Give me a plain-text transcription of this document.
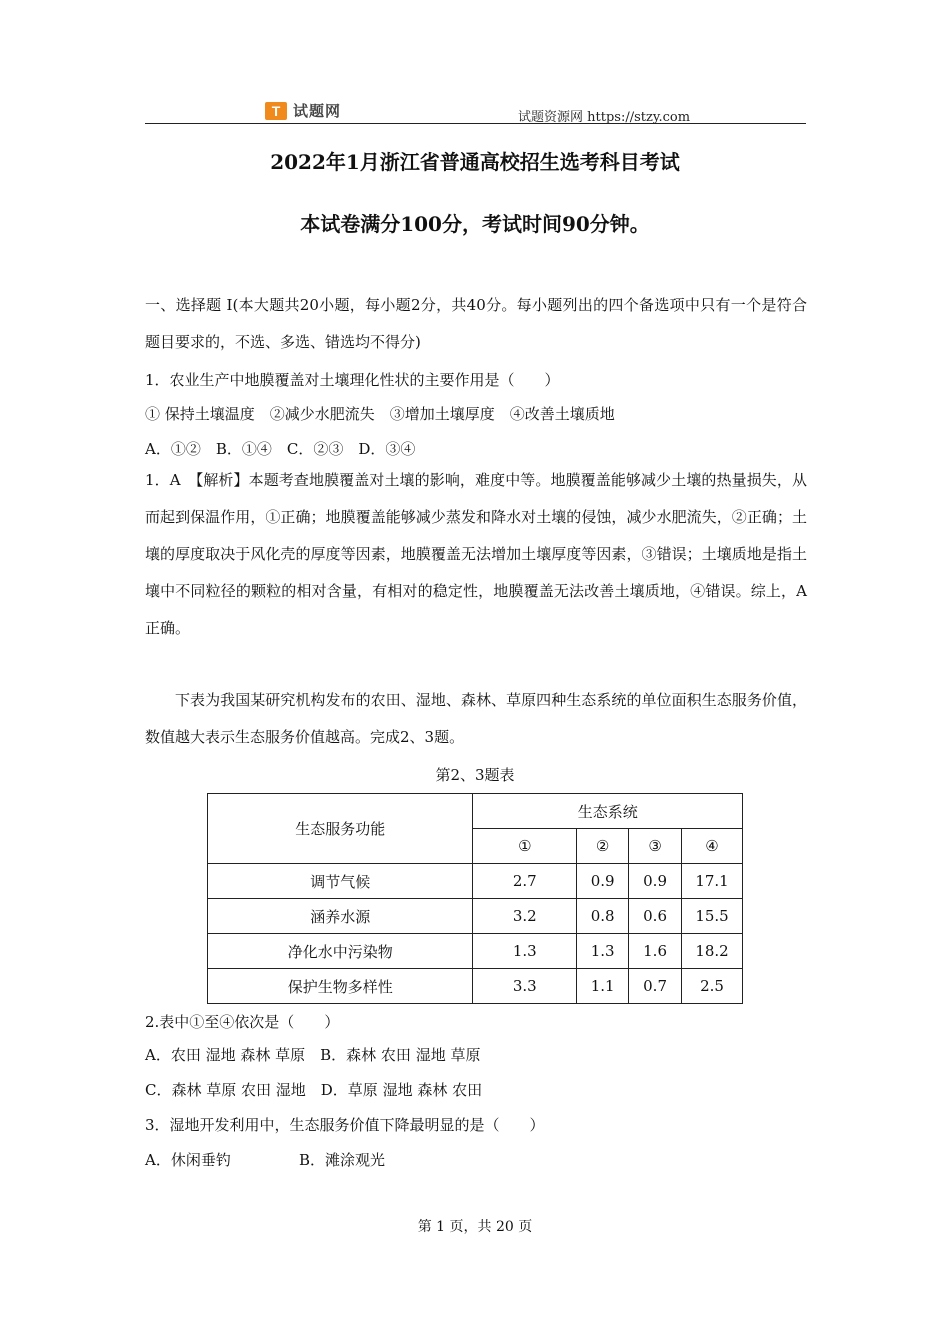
T 试题网	试题资源网 https://stzy.com
2022年1月浙江省普通高校招生选考科目考试
本试卷满分100分，考试时间90分钟。
一、选择题 I(本大题共20小题，每小题2分，共40分。每小题列出的四个备选项中只有一个是符合题目要求的，不选、多选、错选均不得分)
1．农业生产中地膜覆盖对土壤理化性状的主要作用是（　　）
① 保持土壤温度　②减少水肥流失　③增加土壤厚度　④改善土壤质地
A．①②　B．①④　C．②③　D．③④
1．A　【解析】本题考查地膜覆盖对土壤的影响，难度中等。地膜覆盖能够减少土壤的热量损失，从而起到保温作用，①正确；地膜覆盖能够减少蒸发和降水对土壤的侵蚀，减少水肥流失，②正确；土壤的厚度取决于风化壳的厚度等因素，地膜覆盖无法增加土壤厚度等因素，③错误；土壤质地是指土壤中不同粒径的颗粒的相对含量，有相对的稳定性，地膜覆盖无法改善土壤质地，④错误。综上，A正确。
下表为我国某研究机构发布的农田、湿地、森林、草原四种生态系统的单位面积生态服务价值，数值越大表示生态服务价值越高。完成2、3题。
第2、3题表
生态服务功能	生态系统			
	①	②	③	④
调节气候	2.7	0.9	0.9	17.1
涵养水源	3.2	0.8	0.6	15.5
净化水中污染物	1.3	1.3	1.6	18.2
保护生物多样性	3.3	1.1	0.7	2.5
2.表中①至④依次是（　　）
A．农田 湿地 森林 草原　B．森林 农田 湿地 草原
C．森林 草原 农田 湿地　D．草原 湿地 森林 农田
3．湿地开发利用中，生态服务价值下降最明显的是（　　）
A．休闲垂钓	B．滩涂观光
第 1 页，共 20 页
